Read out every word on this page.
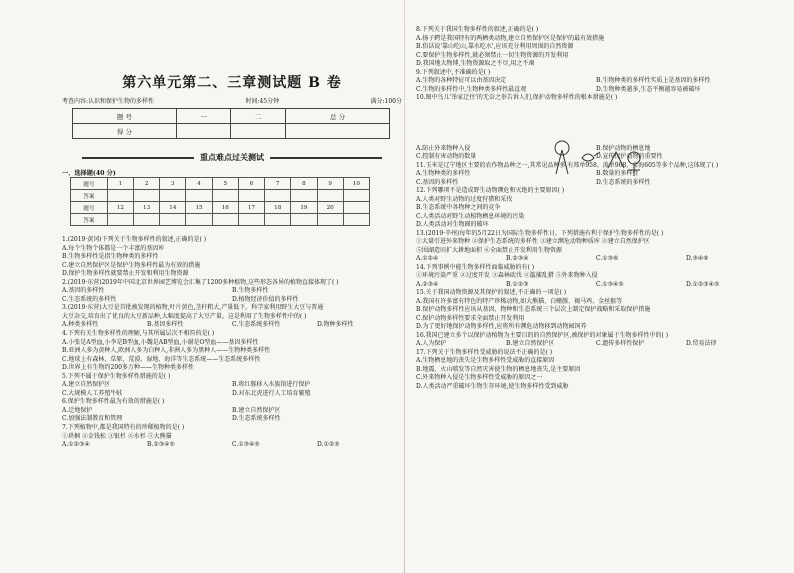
第六单元第二、三章测试题 B 卷
考查内容:认识和保护生物的多样性	时间:45分钟	满分:100分
题 号	一	二	总 分
得 分			
重点难点过关测试
一、选择题(40 分)
题号	1	2	3	4	5	6	7	8	9	10
答案										
题号	12	13	14	15	16	17	18	19	20	
答案										

1.(2019·黄冈)下列关于生物多样性的叙述,正确的是( )

A.每个生物个体都是一个丰富的基因库

B.生物多样性是指生物种类的多样性

C.建立自然保护区是保护生物多样性最为有效的措施

D.保护生物多样性就要禁止开发和利用生物资源

2.(2019·东营)2019年中国北京世界园艺博览会汇集了1200多种植物,这些形态各异的植物直接体现了( )

A.基因的多样性	B.生物多样性
C.生态系统的多样性	D.植物经济价值的多样性

3.(2019·东营)大豆是首批被发现的植物,叶片黄色,茎秆粗大,产量低下。科学家利用野生大豆与普通

大豆杂交,培育出了优良的大豆新品种,大幅度提高了大豆产量。这是利用了生物多样性中的( )

A.种类多样性	B.基因多样性	C.生态系统多样性	D.物种多样性

4.下列有关生物多样性的理解,与其所属层次不相符的是( )

A.小张是A型血,小李是B型血,小魏是AB型血,小谢是O型血——基因多样性

B.亚洲人多为黄种人,欧洲人多为白种人,非洲人多为黑种人——生物种类多样性

C.地球上有森林、草原、荒漠、湿地、海洋等生态系统——生态系统多样性

D.世界上有生物约200多万种——生物种类多样性

5.下列不属于保护生物多样性措施的是( )

A.建立自然保护区	B.将红豚移入水族馆进行保护
C.大规模人工养殖牛蛙	D.对东北虎进行人工培育繁殖

6.保护生物多样性最为有效的措施是( )

A.迁地保护	B.建立自然保护区
C.加强法制教育和管理	D.生态系统多样性

7.下列植物中,都是我国特有的珍稀植物的是( )

①珙桐 ②金钱松 ③银杉 ④水杉 ⑤大熊猫

A.①②③④	B.②③④⑤	C.①③④⑤	D.①②⑤

8.下列关于我国生物多样性的叙述,正确的是( )

A.扬子鳄是我国特有的两栖类动物,建立自然保护区是保护的最有效措施

B.俗话说'靠山吃山,靠水吃水',应该充分利用周围的自然资源

C.要保护生物多样性,就必须禁止一切生物资源的开发利用

D.我国地大物博,生物资源取之不尽,用之不竭

9.下列叙述中,不准确的是( )

A.生物的各种特征可以由基因决定	B.生物种类的多样性实质上是基因的多样性
C.生物的多样性中,生物种类多样性最直观	D.生物种类越多,生态平衡越容易被破坏

10.图中鸟儿'举家迁往'的无奈之举告诉人们,保护动物多样性的根本措施是( )

A.防止外来物种入侵	B.保护动物的栖息地
C.控制有害动物的数量	D.宣传保护动物的重要性

11.玉米是辽宁地区主要的农作物品种之一,其常见品种多,有郑单958、浚单968、金海605等多个品种,这体现了( )

A.生物种类的多样性	B.数量的多样性
C.基因的多样性	D.生态系统的多样性

12.下列哪项不是造成野生动物濒危和灭绝的主要原因( )

A.人类对野生动物的过度狩猎和采伐

B.生态系统中各物种之间的竞争

C.人类活动对野生动植物栖息环境的污染

D.人类活动对生物圈的破坏

13.(2019·辛州)每年的5月22日为国际生物多样性日。下列措施有利于保护生物多样性的是( )

①大量引进外来物种 ②保护生态系统的多样性 ③建立濒危动物种质库 ④建立自然保护区

⑤围湖造田扩大耕地面积 ⑥全面禁止开发利用生物资源

A.①②④	B.②③④	C.①③⑥	D.③④⑥

14.下列事例中能生物多样性面临威胁的有( )

①环境污染严重 ②过度开发 ③森林砍伐 ④滥捕乱猎 ⑤外来物种入侵

A.②③④	B.①②③	C.①③④⑤	D.①②③④⑤

15.关于我国动物资源及其保护的叙述,不正确的一项是( )

A.我国有许多富有特色的特产珍稀动物,如大熊猫、白鳍豚、褐马鸡、金丝猴等

B.保护动物多样性应该从基因、物种和生态系统三个层次上制定保护战略和采取保护措施

C.保护动物多样性要求全面禁止开发利用

D.为了更好地保护动物多样性,应将所有濒危动物移到动物园饲养

16.我国已建立多个以保护动植物为主要目的的自然保护区,被保护的对象属于生物多样性中的( )

A.人为保护	B.建立自然保护区	C.遗传多样性保护	D.贸易法律

17.下列关于生物多样性受威胁的说法不正确的是( )

A.生物栖息地的丧失是生物多样性受威胁的直接原因

B.地震、火山喷发等自然灾害使生物的栖息地丧失,是主要原因

C.外来物种入侵是生物多样性受威胁的原因之一

D.人类活动严重破坏生物生存环境,使生物多样性受到威胁
